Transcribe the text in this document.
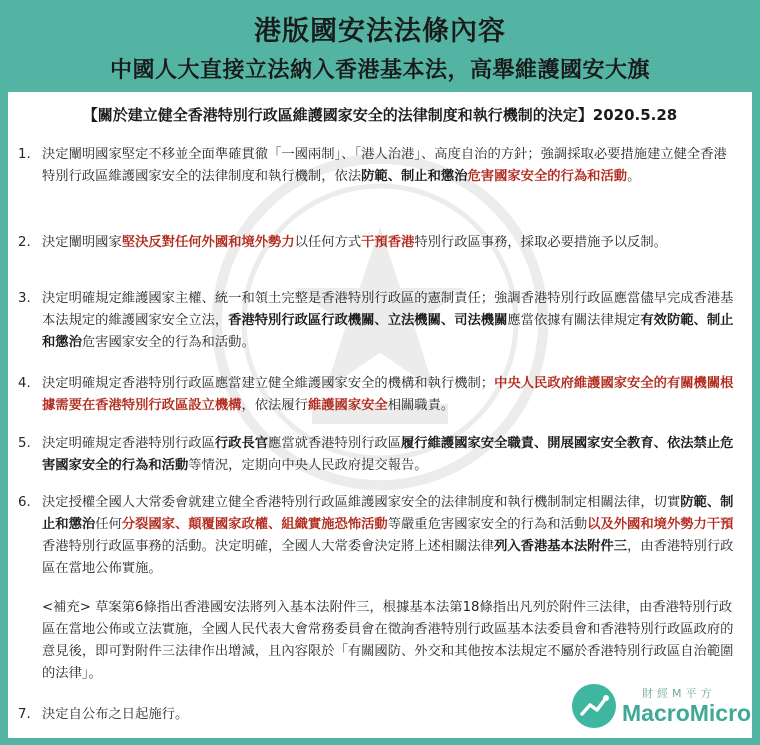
港版國安法法條內容
中國人大直接立法納入香港基本法，高舉維護國安大旗
【關於建立健全香港特別行政區維護國家安全的法律制度和執行機制的決定】2020.5.28
1. 決定闡明國家堅定不移並全面準確貫徹「一國兩制」、「港人治港」、高度自治的方針；強調採取必要措施建立健全香港特別行政區維護國家安全的法律制度和執行機制，依法防範、制止和懲治危害國家安全的行為和活動。
2. 決定闡明國家堅決反對任何外國和境外勢力以任何方式干預香港特別行政區事務，採取必要措施予以反制。
3. 決定明確規定維護國家主權、統一和領土完整是香港特別行政區的憲制責任；強調香港特別行政區應當儘早完成香港基本法規定的維護國家安全立法，香港特別行政區行政機關、立法機關、司法機關應當依據有關法律規定有效防範、制止和懲治危害國家安全的行為和活動。
4. 決定明確規定香港特別行政區應當建立健全維護國家安全的機構和執行機制；中央人民政府維護國家安全的有關機關根據需要在香港特別行政區設立機構，依法履行維護國家安全相關職責。
5. 決定明確規定香港特別行政區行政長官應當就香港特別行政區履行維護國家安全職責、開展國家安全教育、依法禁止危害國家安全的行為和活動等情況，定期向中央人民政府提交報告。
6. 決定授權全國人大常委會就建立健全香港特別行政區維護國家安全的法律制度和執行機制制定相關法律，切實防範、制止和懲治任何分裂國家、顛覆國家政權、組織實施恐怖活動等嚴重危害國家安全的行為和活動以及外國和境外勢力干預香港特別行政區事務的活動。決定明確，全國人大常委會決定將上述相關法律列入香港基本法附件三，由香港特別行政區在當地公佈實施。
<補充> 草案第6條指出香港國安法將列入基本法附件三，根據基本法第18條指出凡列於附件三法律，由香港特別行政區在當地公佈或立法實施，全國人民代表大會常務委員會在徵詢香港特別行政區基本法委員會和香港特別行政區政府的意見後，即可對附件三法律作出增減，且內容限於「有關國防、外交和其他按本法規定不屬於香港特別行政區自治範圍的法律」。
7. 決定自公布之日起施行。
財經M平方
MacroMicro
